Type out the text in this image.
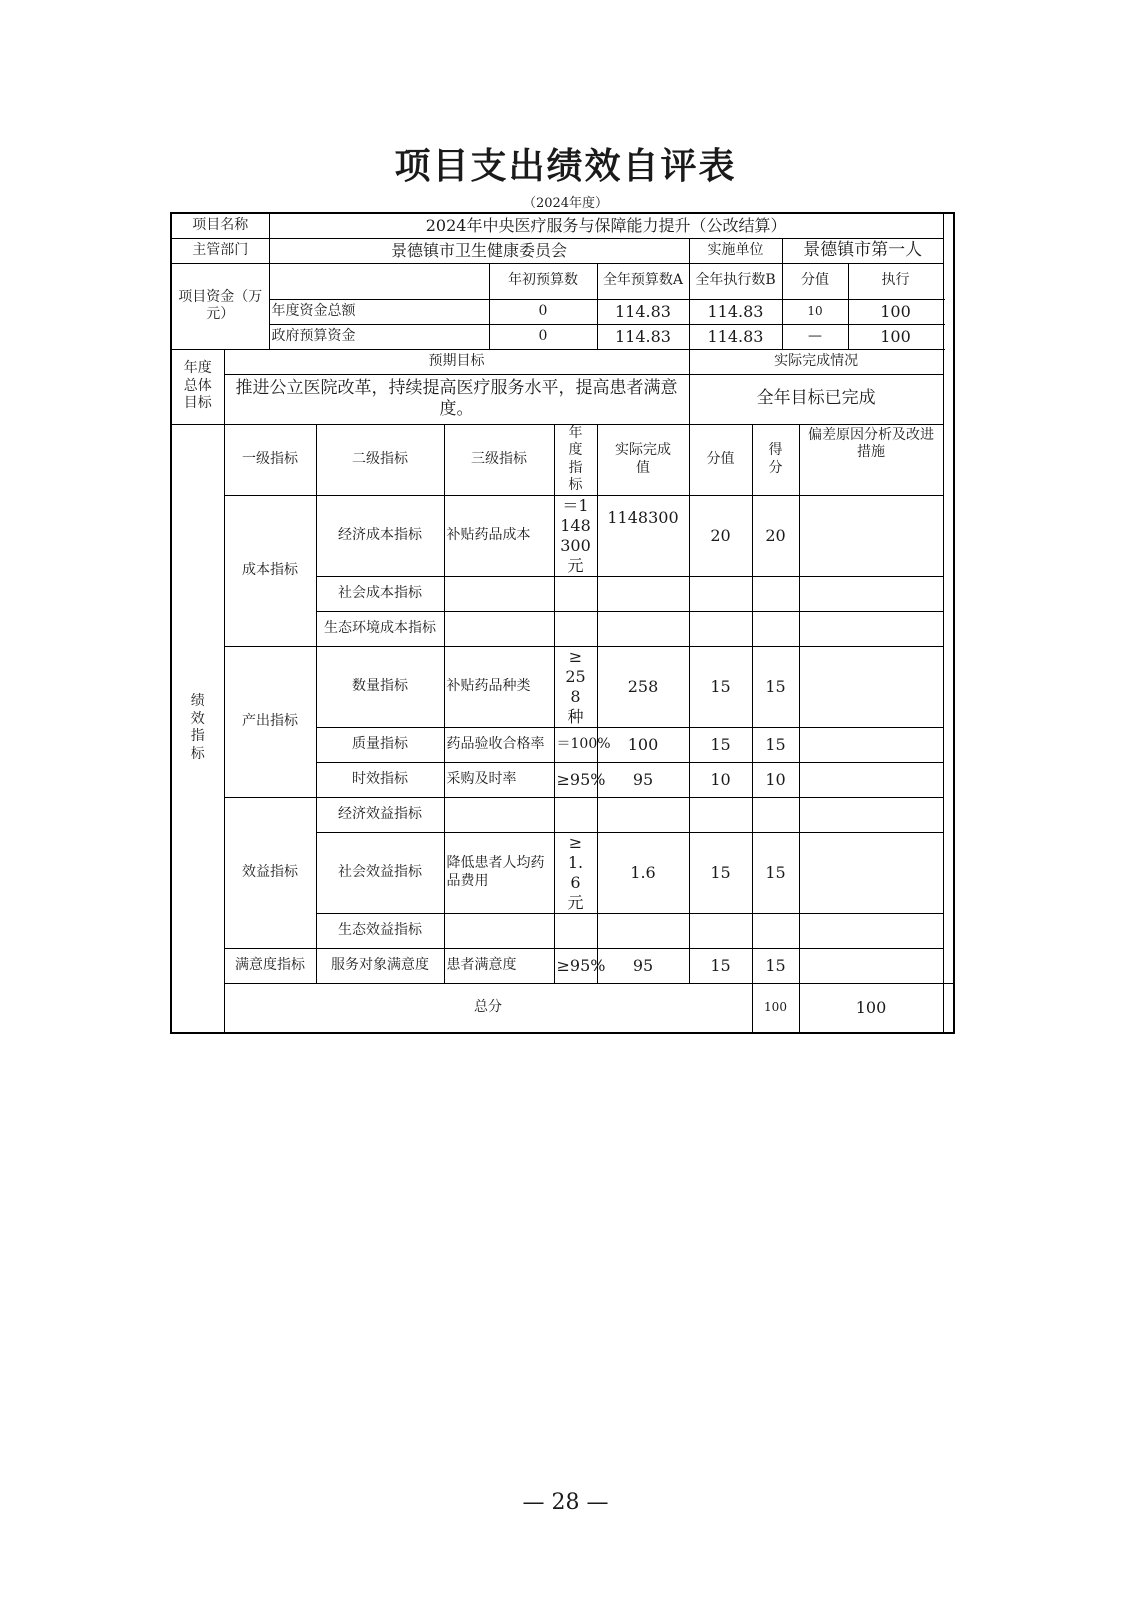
项目支出绩效自评表
（2024年度）
项目名称		2024年中央医疗服务与保障能力提升（公改结算）											
主管部门		景德镇市卫生健康委员会						实施单位		景德镇市第一人			
项目资金（万元）					年初预算数		全年预算数A	全年执行数B		分值		执行	
		年度资金总额			0		114.83	114.83		10		100	
		政府预算资金			0		114.83	114.83		—		100	
年度总体目标	预期目标							实际完成情况					
	推进公立医院改革，持续提高医疗服务水平，提高患者满意度。							全年目标已完成					
绩效指标	一级指标		二级指标	三级指标		年度指标	实际完成值	分值	得分		偏差原因分析及改进措施		
	成本指标		经济成本指标	补贴药品成本		＝1148300元	1148300	20	20				
			社会成本指标										
			生态环境成本指标										
	产出指标		数量指标	补贴药品种类		≥258种	258	15	15				
			质量指标	药品验收合格率		＝100%	100	15	15				
			时效指标	采购及时率		≥95%	95	10	10				
	效益指标		经济效益指标										
			社会效益指标	降低患者人均药品费用		≥1.6元	1.6	15	15				
			生态效益指标										
	满意度指标		服务对象满意度	患者满意度		≥95%	95	15	15				
	总分								100		100		
— 28 —
